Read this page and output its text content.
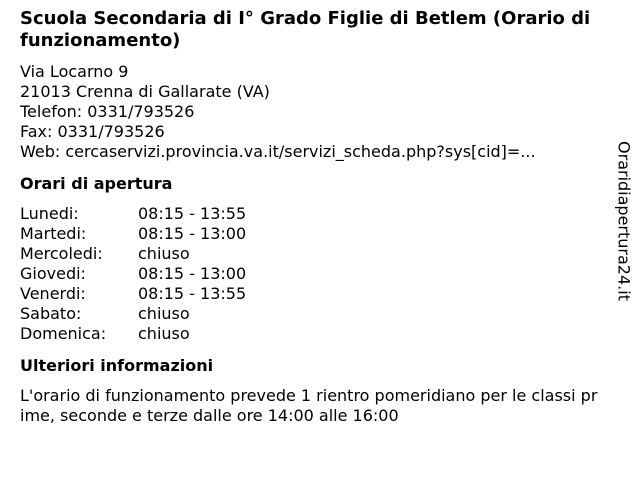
Scuola Secondaria di I° Grado Figlie di Betlem (Orario di funzionamento)
Via Locarno 9
21013 Crenna di Gallarate (VA)
Telefon: 0331/793526
Fax: 0331/793526
Web: cercaservizi.provincia.va.it/servizi_scheda.php?sys[cid]=...
Orari di apertura
Lunedi:	08:15 - 13:55
Martedi:	08:15 - 13:00
Mercoledi:	chiuso
Giovedi:	08:15 - 13:00
Venerdi:	08:15 - 13:55
Sabato:	chiuso
Domenica:	chiuso
Ulteriori informazioni
L'orario di funzionamento prevede 1 rientro pomeridiano per le classi prime, seconde e terze dalle ore 14:00 alle 16:00
Oraridiapertura24.it
